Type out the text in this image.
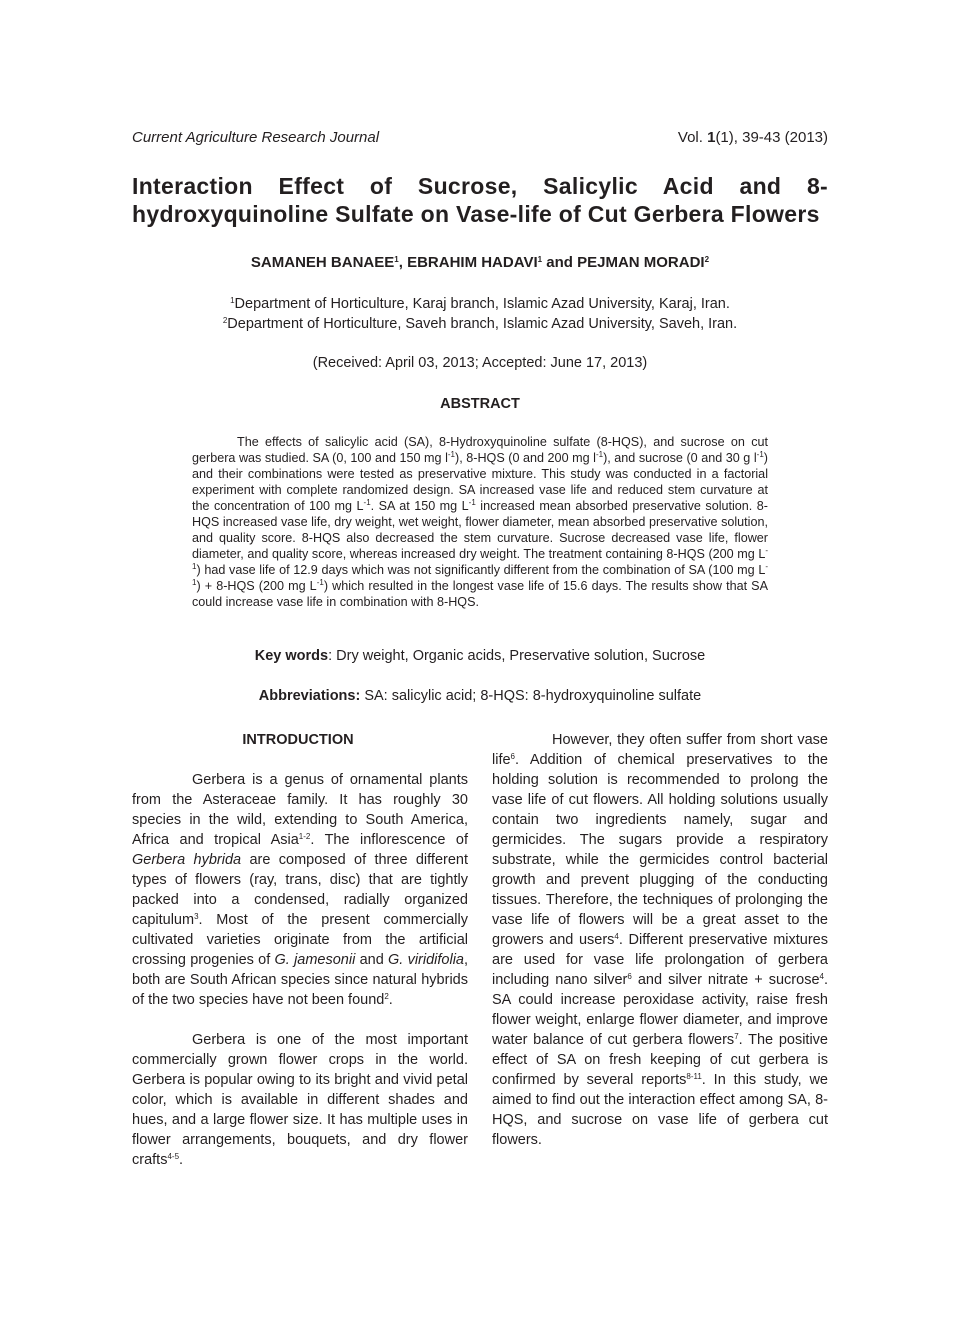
Current Agriculture Research Journal	Vol. 1(1), 39-43 (2013)
Interaction Effect of Sucrose, Salicylic Acid and 8-hydroxyquinoline Sulfate on Vase-life of Cut Gerbera Flowers
SAMANEH BANAEE$^1$, EBRAHIM HADAVI$^1$ and PEJMAN MORADI$^2$
$^1$Department of Horticulture, Karaj branch, Islamic Azad University, Karaj, Iran.
$^2$Department of Horticulture, Saveh branch, Islamic Azad University, Saveh, Iran.
(Received: April 03, 2013; Accepted: June 17, 2013)
ABSTRACT

The effects of salicylic acid (SA), 8-Hydroxyquinoline sulfate (8-HQS), and sucrose on cut gerbera was studied. SA (0, 100 and 150 mg $l^{-1}$), 8-HQS (0 and 200 mg $l^{-1}$), and sucrose (0 and 30 g $l^{-1}$) and their combinations were tested as preservative mixture. This study was conducted in a factorial experiment with complete randomized design. SA increased vase life and reduced stem curvature at the concentration of 100 mg $L^{-1}$. SA at 150 mg $L^{-1}$ increased mean absorbed preservative solution. 8-HQS increased vase life, dry weight, wet weight, flower diameter, mean absorbed preservative solution, and quality score. 8-HQS also decreased the stem curvature. Sucrose decreased vase life, flower diameter, and quality score, whereas increased dry weight. The treatment containing 8-HQS (200 mg $L^{-1}$) had vase life of 12.9 days which was not significantly different from the combination of SA (100 mg $L^{-1}) + 8-HQS$ (200 mg $L^{-1}$) which resulted in the longest vase life of 15.6 days. The results show that SA could increase vase life in combination with 8-HQS.

Key words: Dry weight, Organic acids, Preservative solution, Sucrose
Abbreviations: SA: salicylic acid; 8-HQS: 8-hydroxyquinoline sulfate
INTRODUCTION

Gerbera is a genus of ornamental plants from the Asteraceae family. It has roughly 30 species in the wild, extending to South America, Africa and tropical Asia$^{1-2}$. The inflorescence of Gerbera hybrida are composed of three different types of flowers (ray, trans, disc) that are tightly packed into a condensed, radially organized capitulum$^3$. Most of the present commercially cultivated varieties originate from the artificial crossing progenies of G. jamesonii and G. viridifolia, both are South African species since natural hybrids of the two species have not been found$^2$.

Gerbera is one of the most important commercially grown flower crops in the world. Gerbera is popular owing to its bright and vivid petal color, which is available in different shades and hues, and a large flower size. It has multiple uses in flower arrangements, bouquets, and dry flower crafts$^{4-5}$.

However, they often suffer from short vase life$^6$. Addition of chemical preservatives to the holding solution is recommended to prolong the vase life of cut flowers. All holding solutions usually contain two ingredients namely, sugar and germicides. The sugars provide a respiratory substrate, while the germicides control bacterial growth and prevent plugging of the conducting tissues. Therefore, the techniques of prolonging the vase life of flowers will be a great asset to the growers and users$^4$. Different preservative mixtures are used for vase life prolongation of gerbera including nano silver$^6$ and silver nitrate + sucrose$^4$. SA could increase peroxidase activity, raise fresh flower weight, enlarge flower diameter, and improve water balance of cut gerbera flowers$^7$. The positive effect of SA on fresh keeping of cut gerbera is confirmed by several reports$^{8-11}$. In this study, we aimed to find out the interaction effect among SA, 8-HQS, and sucrose on vase life of gerbera cut flowers.
